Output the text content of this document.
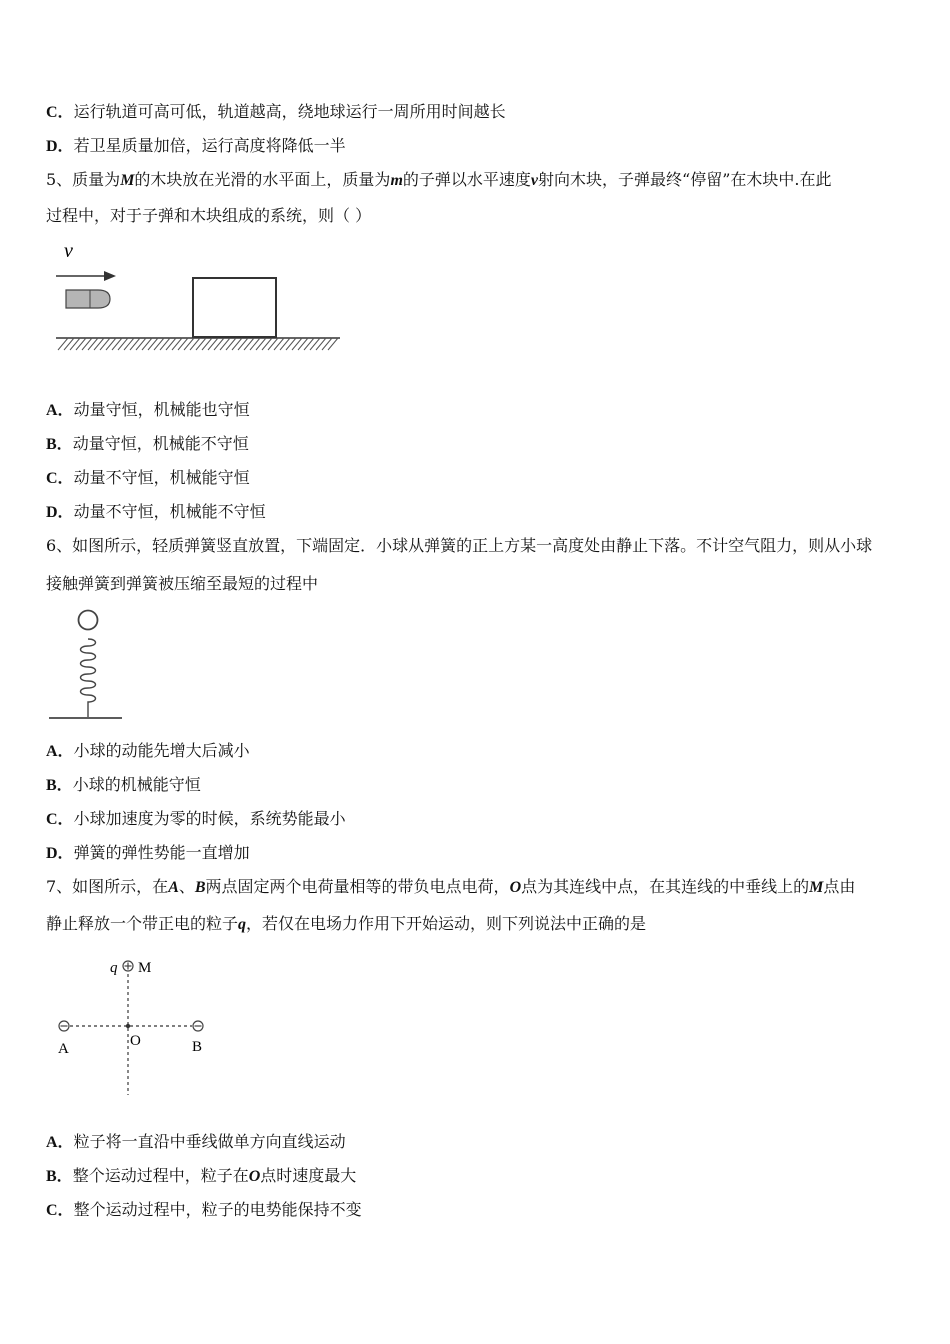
C．运行轨道可高可低，轨道越高，绕地球运行一周所用时间越长
D．若卫星质量加倍，运行高度将降低一半
5、质量为M的木块放在光滑的水平面上，质量为m的子弹以水平速度v射向木块，子弹最终“停留”在木块中.在此
过程中，对于子弹和木块组成的系统，则（ ）
v
A．动量守恒，机械能也守恒
B．动量守恒，机械能不守恒
C．动量不守恒，机械能守恒
D．动量不守恒，机械能不守恒
6、如图所示，轻质弹簧竖直放置，下端固定．小球从弹簧的正上方某一高度处由静止下落。不计空气阻力，则从小球
接触弹簧到弹簧被压缩至最短的过程中
A．小球的动能先增大后减小
B．小球的机械能守恒
C．小球加速度为零的时候，系统势能最小
D．弹簧的弹性势能一直增加
7、如图所示，在A、B两点固定两个电荷量相等的带负电点电荷，O点为其连线中点，在其连线的中垂线上的M点由
静止释放一个带正电的粒子q，若仅在电场力作用下开始运动，则下列说法中正确的是
q M
A	O	B
A．粒子将一直沿中垂线做单方向直线运动
B．整个运动过程中，粒子在O点时速度最大
C．整个运动过程中，粒子的电势能保持不变
